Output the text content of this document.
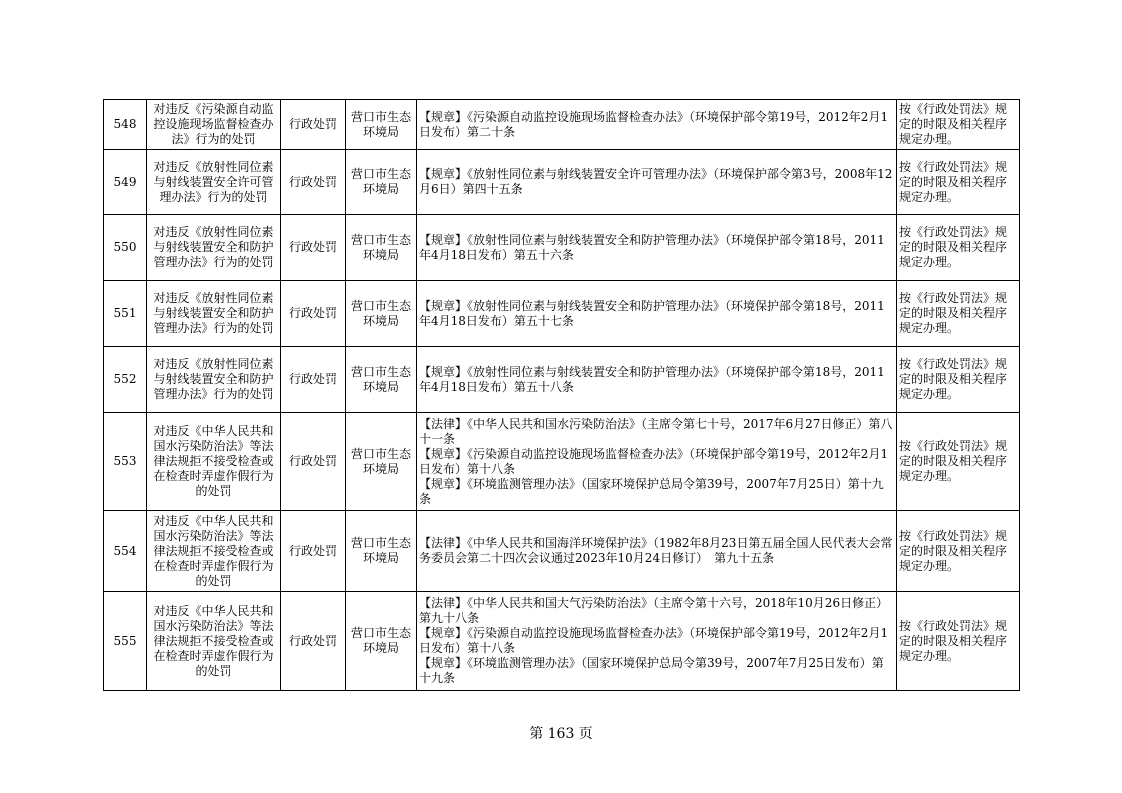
548	对违反《污染源自动监控设施现场监督检查办法》行为的处罚	行政处罚	营口市生态环境局	【规章】《污染源自动监控设施现场监督检查办法》（环境保护部令第19号，2012年2月1日发布）第二十条	按《行政处罚法》规定的时限及相关程序规定办理。
549	对违反《放射性同位素与射线装置安全许可管理办法》行为的处罚	行政处罚	营口市生态环境局	【规章】《放射性同位素与射线装置安全许可管理办法》（环境保护部令第3号，2008年12月6日）第四十五条	按《行政处罚法》规定的时限及相关程序规定办理。
550	对违反《放射性同位素与射线装置安全和防护管理办法》行为的处罚	行政处罚	营口市生态环境局	【规章】《放射性同位素与射线装置安全和防护管理办法》（环境保护部令第18号，2011年4月18日发布）第五十六条	按《行政处罚法》规定的时限及相关程序规定办理。
551	对违反《放射性同位素与射线装置安全和防护管理办法》行为的处罚	行政处罚	营口市生态环境局	【规章】《放射性同位素与射线装置安全和防护管理办法》（环境保护部令第18号，2011年4月18日发布）第五十七条	按《行政处罚法》规定的时限及相关程序规定办理。
552	对违反《放射性同位素与射线装置安全和防护管理办法》行为的处罚	行政处罚	营口市生态环境局	【规章】《放射性同位素与射线装置安全和防护管理办法》（环境保护部令第18号，2011年4月18日发布）第五十八条	按《行政处罚法》规定的时限及相关程序规定办理。
553	对违反《中华人民共和国水污染防治法》等法律法规拒不接受检查或在检查时弄虚作假行为的处罚	行政处罚	营口市生态环境局	【法律】《中华人民共和国水污染防治法》（主席令第七十号，2017年6月27日修正）第八十一条
【规章】《污染源自动监控设施现场监督检查办法》（环境保护部令第19号，2012年2月1日发布）第十八条
【规章】《环境监测管理办法》（国家环境保护总局令第39号，2007年7月25日）第十九条	按《行政处罚法》规定的时限及相关程序规定办理。
554	对违反《中华人民共和国水污染防治法》等法律法规拒不接受检查或在检查时弄虚作假行为的处罚	行政处罚	营口市生态环境局	【法律】《中华人民共和国海洋环境保护法》（1982年8月23日第五届全国人民代表大会常务委员会第二十四次会议通过2023年10月24日修订）　第九十五条	按《行政处罚法》规定的时限及相关程序规定办理。
555	对违反《中华人民共和国水污染防治法》等法律法规拒不接受检查或在检查时弄虚作假行为的处罚	行政处罚	营口市生态环境局	【法律】《中华人民共和国大气污染防治法》（主席令第十六号，2018年10月26日修正）第九十八条
【规章】《污染源自动监控设施现场监督检查办法》（环境保护部令第19号，2012年2月1日发布）第十八条
【规章】《环境监测管理办法》（国家环境保护总局令第39号，2007年7月25日发布）第十九条	按《行政处罚法》规定的时限及相关程序规定办理。
第 163 页
